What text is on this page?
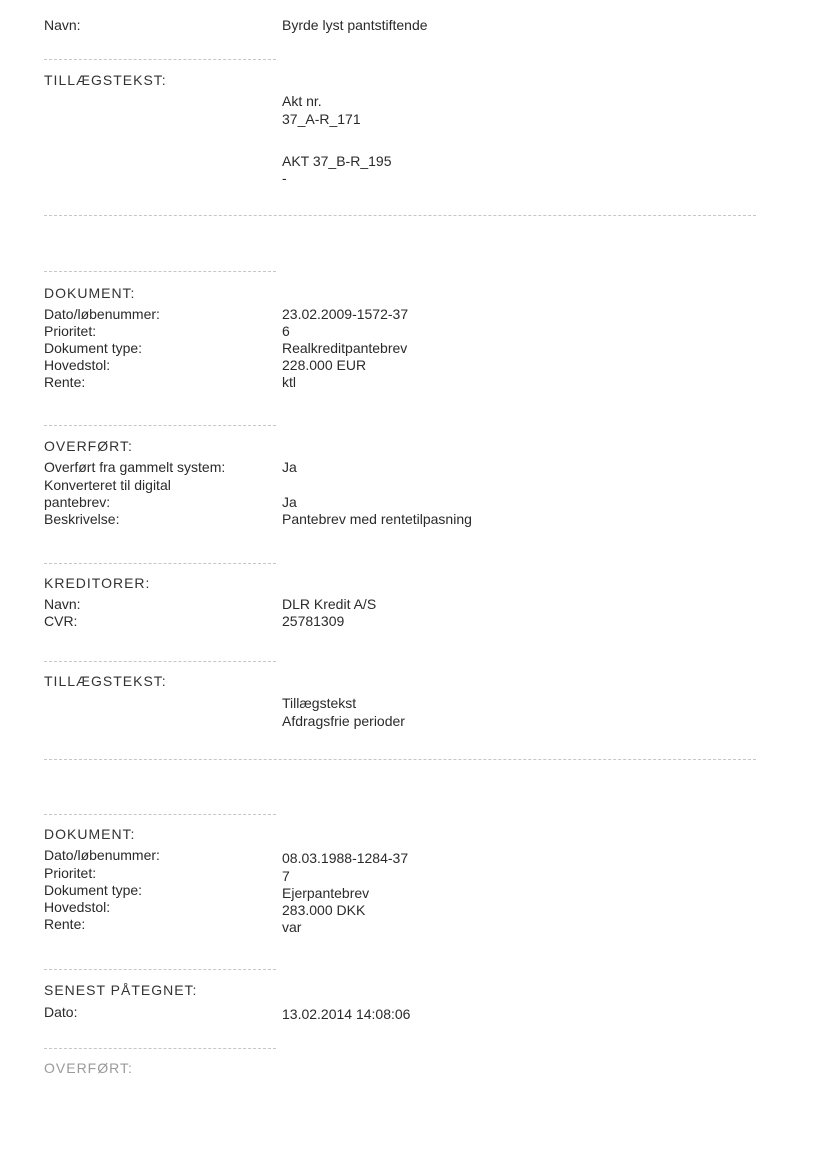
Navn:	Byrde lyst pantstiftende
TILLÆGSTEKST:
Akt nr.
37_A-R_171
AKT 37_B-R_195
-
DOKUMENT:
Dato/løbenummer:	23.02.2009-1572-37
Prioritet:	6
Dokument type:	Realkreditpantebrev
Hovedstol:	228.000 EUR
Rente:	ktl
OVERFØRT:
Overført fra gammelt system:	Ja
Konverteret til digital
pantebrev:	Ja
Beskrivelse:	Pantebrev med rentetilpasning
KREDITORER:
Navn:	DLR Kredit A/S
CVR:	25781309
TILLÆGSTEKST:
Tillægstekst
Afdragsfrie perioder
DOKUMENT:
Dato/løbenummer:	08.03.1988-1284-37
Prioritet:	7
Dokument type:	Ejerpantebrev
Hovedstol:	283.000 DKK
Rente:	var
SENEST PÅTEGNET:
Dato:	13.02.2014 14:08:06
OVERFØRT:
